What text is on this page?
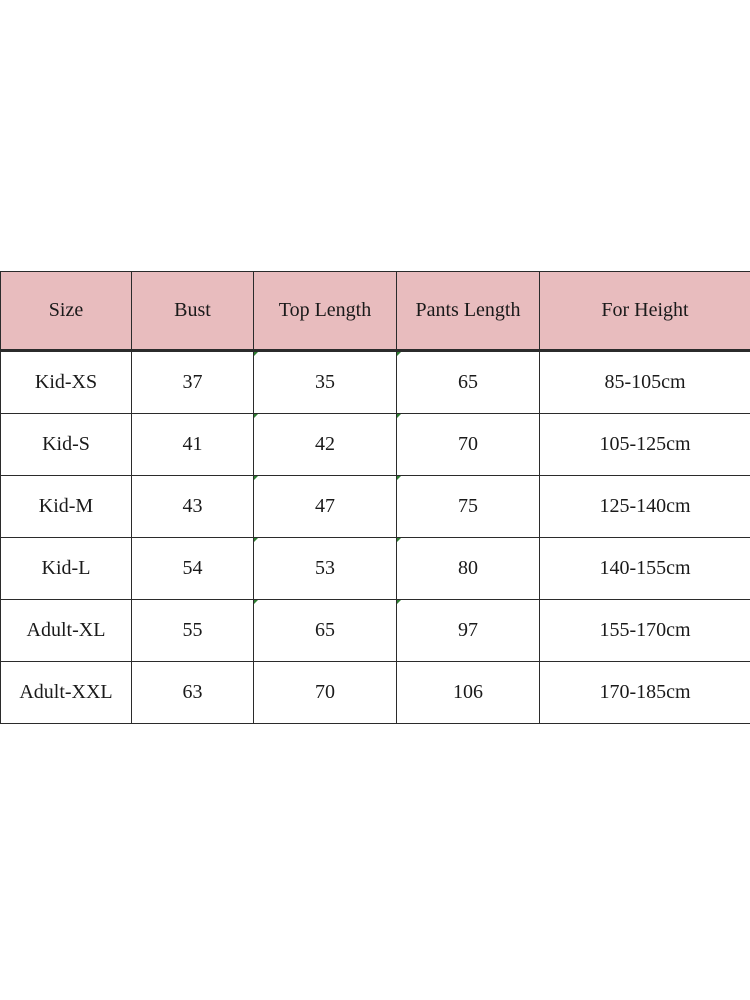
Size	Bust	Top Length	Pants Length	For Height
Kid-XS	37	35	65	85-105cm
Kid-S	41	42	70	105-125cm
Kid-M	43	47	75	125-140cm
Kid-L	54	53	80	140-155cm
Adult-XL	55	65	97	155-170cm
Adult-XXL	63	70	106	170-185cm
